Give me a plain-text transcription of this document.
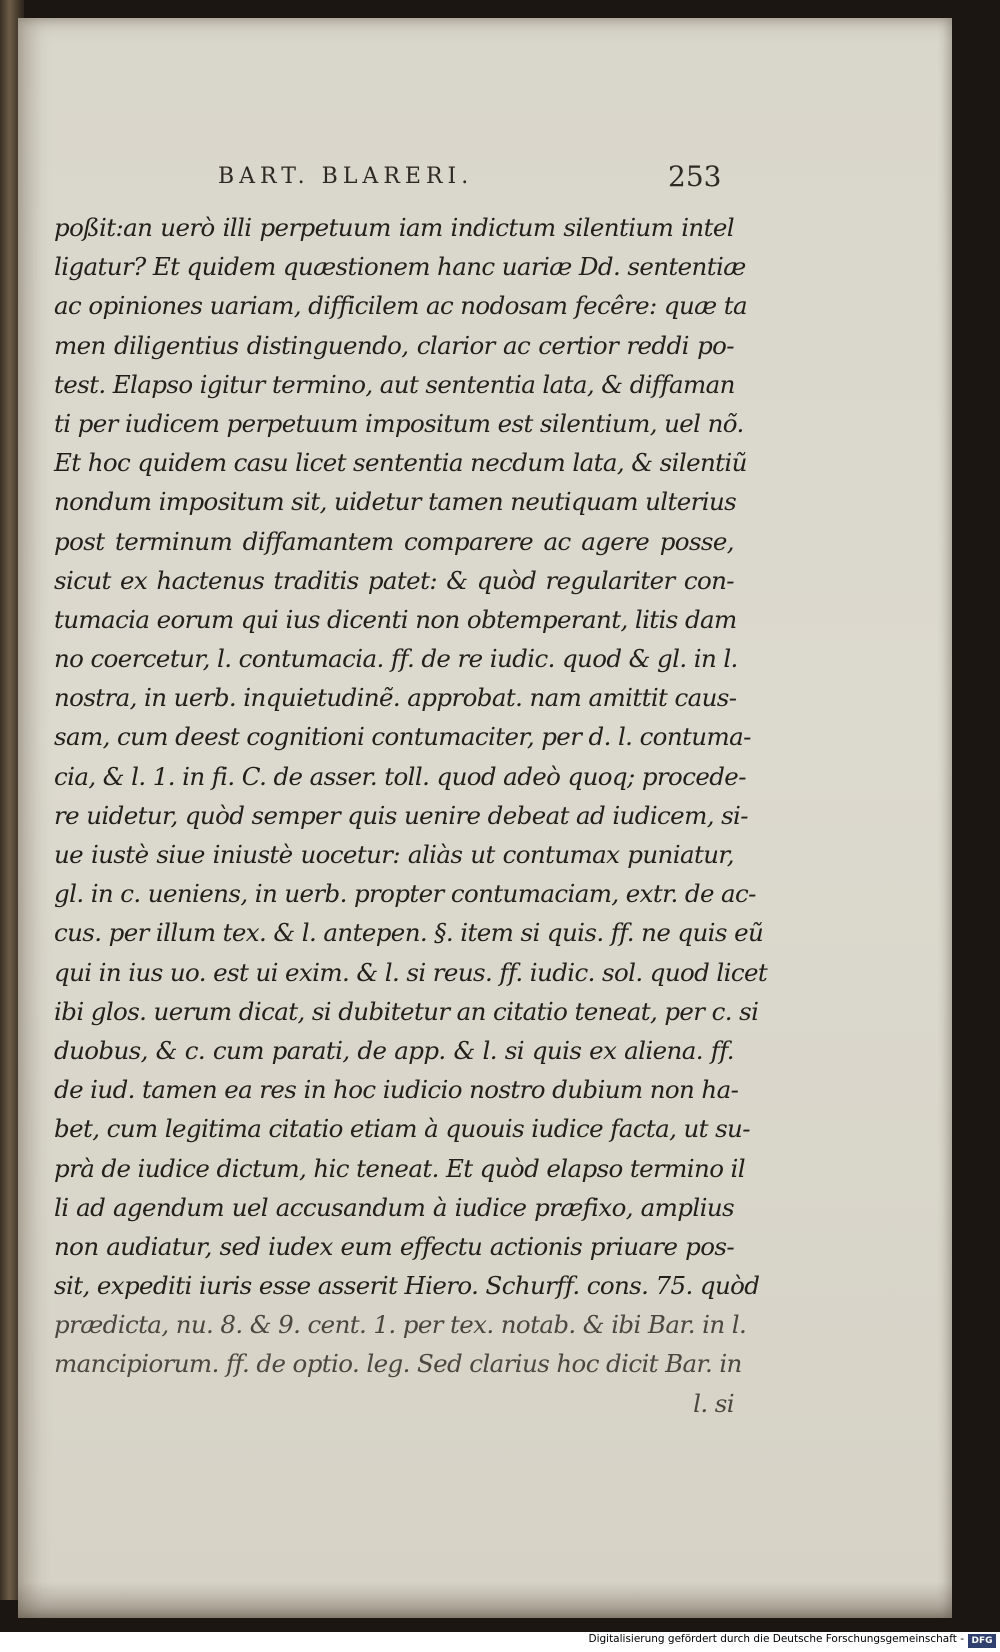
BART. BLARERI.	253
poßit:an uerò illi perpetuum iam indictum silentium intel
ligatur? Et quidem quæstionem hanc uariæ Dd. sententiæ
ac opiniones uariam, difficilem ac nodosam fecêre: quæ ta
men diligentius distinguendo, clarior ac certior reddi po-
test. Elapso igitur termino, aut sententia lata, & diffaman
ti per iudicem perpetuum impositum est silentium, uel nõ.
Et hoc quidem casu licet sententia necdum lata, & silentiũ
nondum impositum sit, uidetur tamen neutiquam ulterius
post terminum diffamantem comparere ac agere posse,
sicut ex hactenus traditis patet: & quòd regulariter con-
tumacia eorum qui ius dicenti non obtemperant, litis dam
no coercetur, l. contumacia. ff. de re iudic. quod & gl. in l.
nostra, in uerb. inquietudinẽ. approbat. nam amittit caus-
sam, cum deest cognitioni contumaciter, per d. l. contuma-
cia, & l. 1. in fi. C. de asser. toll. quod adeò quoq; procede-
re uidetur, quòd semper quis uenire debeat ad iudicem, si-
ue iustè siue iniustè uocetur: aliàs ut contumax puniatur,
gl. in c. ueniens, in uerb. propter contumaciam, extr. de ac-
cus. per illum tex. & l. antepen. §. item si quis. ff. ne quis eũ
qui in ius uo. est ui exim. & l. si reus. ff. iudic. sol. quod licet
ibi glos. uerum dicat, si dubitetur an citatio teneat, per c. si
duobus, & c. cum parati, de app. & l. si quis ex aliena. ff.
de iud. tamen ea res in hoc iudicio nostro dubium non ha-
bet, cum legitima citatio etiam à quouis iudice facta, ut su-
prà de iudice dictum, hic teneat. Et quòd elapso termino il
li ad agendum uel accusandum à iudice præfixo, amplius
non audiatur, sed iudex eum effectu actionis priuare pos-
sit, expediti iuris esse asserit Hiero. Schurff. cons. 75. quòd
prædicta, nu. 8. & 9. cent. 1. per tex. notab. & ibi Bar. in l.
mancipiorum. ff. de optio. leg. Sed clarius hoc dicit Bar. in
l. si
Digitalisierung gefördert durch die Deutsche Forschungsgemeinschaft - DFG
